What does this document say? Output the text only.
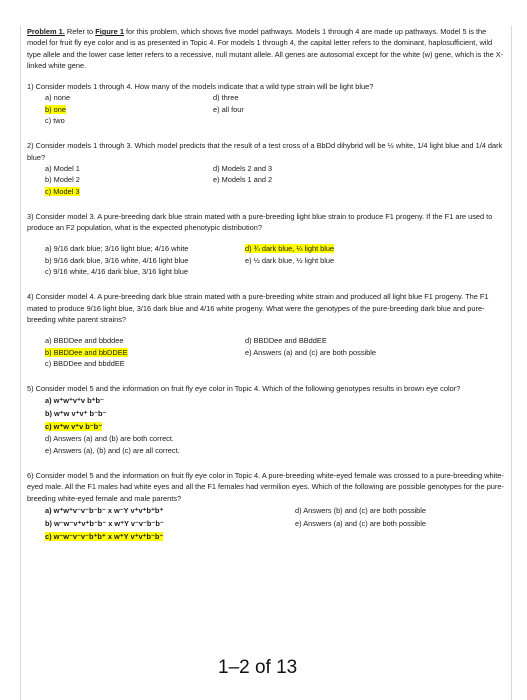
Problem 1. Refer to Figure 1 for this problem, which shows five model pathways. Models 1 through 4 are made up pathways. Model 5 is the model for fruit fly eye color and is as presented in Topic 4. For models 1 through 4, the capital letter refers to the dominant, haplosufficient, wild type allele and the lower case letter refers to a recessive, null mutant allele. All genes are autosomal except for the white (w) gene, which is the X-linked white gene.

1) Consider models 1 through 4. How many of the models indicate that a wild type strain will be light blue?

a) none	d) three
b) one	e) all four
c) two

2) Consider models 1 through 3. Which model predicts that the result of a test cross of a BbDd dihybrid will be ½ white, 1/4 light blue and 1/4 dark blue?

a) Model 1	d) Models 2 and 3
b) Model 2	e) Models 1 and 2
c) Model 3

3) Consider model 3. A pure-breeding dark blue strain mated with a pure-breeding light blue strain to produce F1 progeny. If the F1 are used to produce an F2 population, what is the expected phenotypic distribution?

a) 9/16 dark blue; 3/16 light blue; 4/16 white	d) ¾ dark blue, ¼ light blue
b) 9/16 dark blue, 3/16 white, 4/16 light blue	e) ½ dark blue, ½ light blue
c) 9/16 white, 4/16 dark blue, 3/16 light blue

4) Consider model 4. A pure-breeding dark blue strain mated with a pure-breeding white strain and produced all light blue F1 progeny. The F1 mated to produce 9/16 light blue, 3/16 dark blue and 4/16 white progeny. What were the genotypes of the pure-breeding dark blue and pure-breeding white parent strains?

a) BBDDee and bbddee	d) BBDDee and BBddEE
b) BBDDee and bbDDEE	e) Answers (a) and (c) are both possible
c) BBDDee and bbddEE

5) Consider model 5 and the information on fruit fly eye color in Topic 4. Which of the following genotypes results in brown eye color?

a) w⁺w⁺v⁺v b⁺b⁻
b) w⁺w v⁺v⁺ b⁻b⁻
c) w⁺w v⁺v b⁻b⁻
d) Answers (a) and (b) are both correct.
e) Answers (a), (b) and (c) are all correct.

6) Consider model 5 and the information on fruit fly eye color in Topic 4. A pure-breeding white-eyed female was crossed to a pure-breeding white-eyed male. All the F1 males had white eyes and all the F1 females had vermilion eyes. Which of the following are possible genotypes for the pure-breeding white-eyed female and male parents?

a) w⁺w⁺v⁻v⁻b⁻b⁻ x w⁻Y v⁺v⁺b⁺b⁺	d) Answers (b) and (c) are both possible
b) w⁻w⁻v⁺v⁺b⁻b⁻ x w⁺Y v⁻v⁻b⁻b⁻	e) Answers (a) and (c) are both possible
c) w⁻w⁻v⁻v⁻b⁺b⁺ x w⁺Y v⁺v⁺b⁻b⁻
1–2 of 13
